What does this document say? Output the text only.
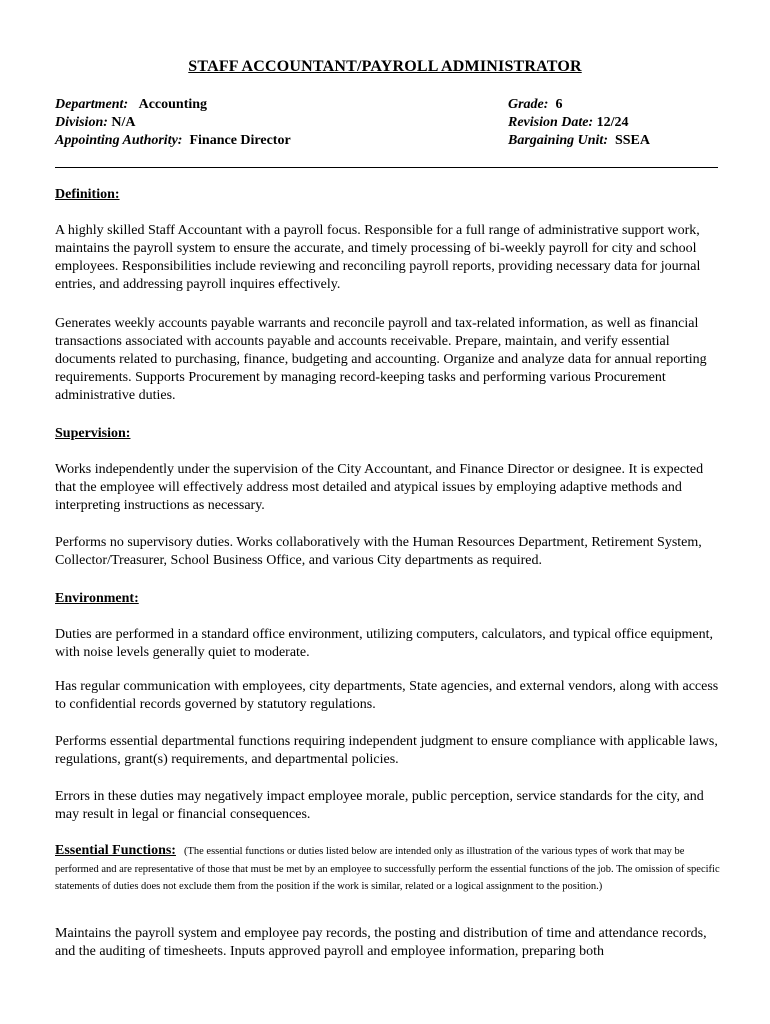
STAFF ACCOUNTANT/PAYROLL ADMINISTRATOR
Department: Accounting
Division: N/A
Appointing Authority: Finance Director
Grade: 6
Revision Date: 12/24
Bargaining Unit: SSEA
Definition:
A highly skilled Staff Accountant with a payroll focus. Responsible for a full range of administrative support work, maintains the payroll system to ensure the accurate, and timely processing of bi-weekly payroll for city and school employees. Responsibilities include reviewing and reconciling payroll reports, providing necessary data for journal entries, and addressing payroll inquires effectively.
Generates weekly accounts payable warrants and reconcile payroll and tax-related information, as well as financial transactions associated with accounts payable and accounts receivable. Prepare, maintain, and verify essential documents related to purchasing, finance, budgeting and accounting. Organize and analyze data for annual reporting requirements. Supports Procurement by managing record-keeping tasks and performing various Procurement administrative duties.
Supervision:
Works independently under the supervision of the City Accountant, and Finance Director or designee. It is expected that the employee will effectively address most detailed and atypical issues by employing adaptive methods and interpreting instructions as necessary.
Performs no supervisory duties. Works collaboratively with the Human Resources Department, Retirement System, Collector/Treasurer, School Business Office, and various City departments as required.
Environment:
Duties are performed in a standard office environment, utilizing computers, calculators, and typical office equipment, with noise levels generally quiet to moderate.
Has regular communication with employees, city departments, State agencies, and external vendors, along with access to confidential records governed by statutory regulations.
Performs essential departmental functions requiring independent judgment to ensure compliance with applicable laws, regulations, grant(s) requirements, and departmental policies.
Errors in these duties may negatively impact employee morale, public perception, service standards for the city, and may result in legal or financial consequences.
Essential Functions: (The essential functions or duties listed below are intended only as illustration of the various types of work that may be performed and are representative of those that must be met by an employee to successfully perform the essential functions of the job. The omission of specific statements of duties does not exclude them from the position if the work is similar, related or a logical assignment to the position.)
Maintains the payroll system and employee pay records, the posting and distribution of time and attendance records, and the auditing of timesheets. Inputs approved payroll and employee information, preparing both
